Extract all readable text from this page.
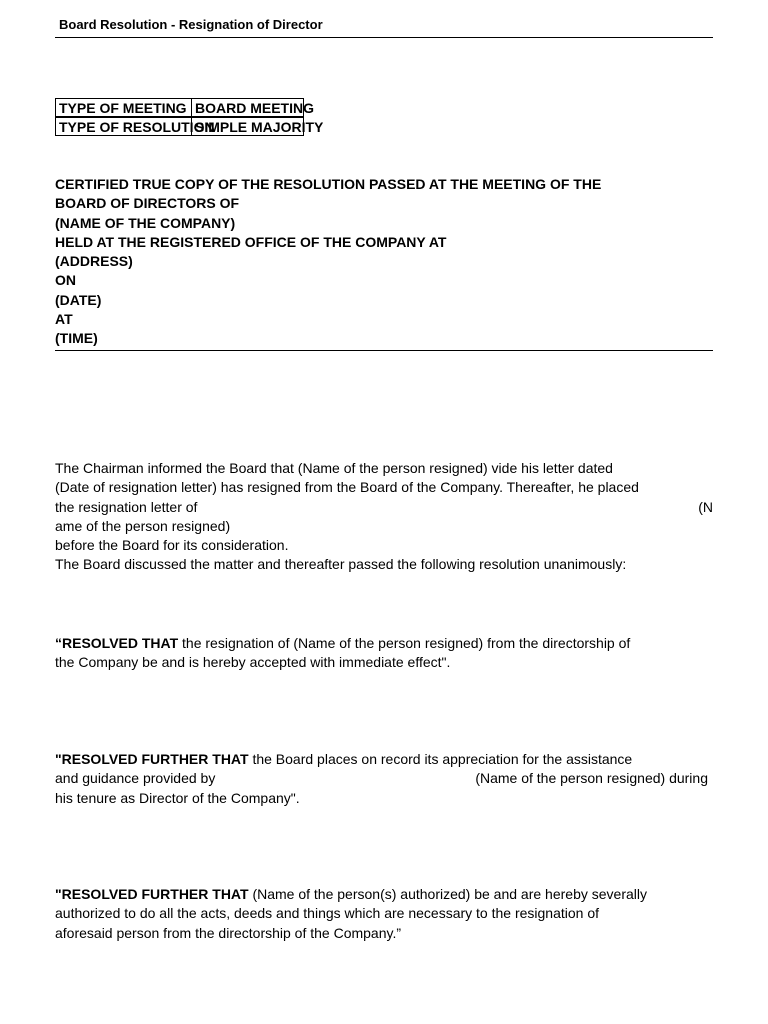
Board Resolution - Resignation of Director
TYPE OF MEETING BOARD MEETING
TYPE OF RESOLUTION
SIMPLE MAJORITY
CERTIFIED TRUE COPY OF THE RESOLUTION PASSED AT THE MEETING OF THE
BOARD OF DIRECTORS OF
(NAME OF THE COMPANY)
HELD AT THE REGISTERED OFFICE OF THE COMPANY AT
(ADDRESS)
ON
(DATE)
AT
(TIME)
The Chairman informed the Board that (Name of the person resigned) vide his letter dated
(Date of resignation letter) has resigned from the Board of the Company. Thereafter, he placed
the resignation letter of	(N
ame of the person resigned)
before the Board for its consideration.
The Board discussed the matter and thereafter passed the following resolution unanimously:
“RESOLVED THAT the resignation of (Name of the person resigned) from the directorship of
the Company be and is hereby accepted with immediate effect".
"RESOLVED FURTHER THAT the Board places on record its appreciation for the assistance
and guidance provided by	(Name of the person resigned) during
his tenure as Director of the Company".
"RESOLVED FURTHER THAT (Name of the person(s) authorized) be and are hereby severally
authorized to do all the acts, deeds and things which are necessary to the resignation of
aforesaid person from the directorship of the Company.”
